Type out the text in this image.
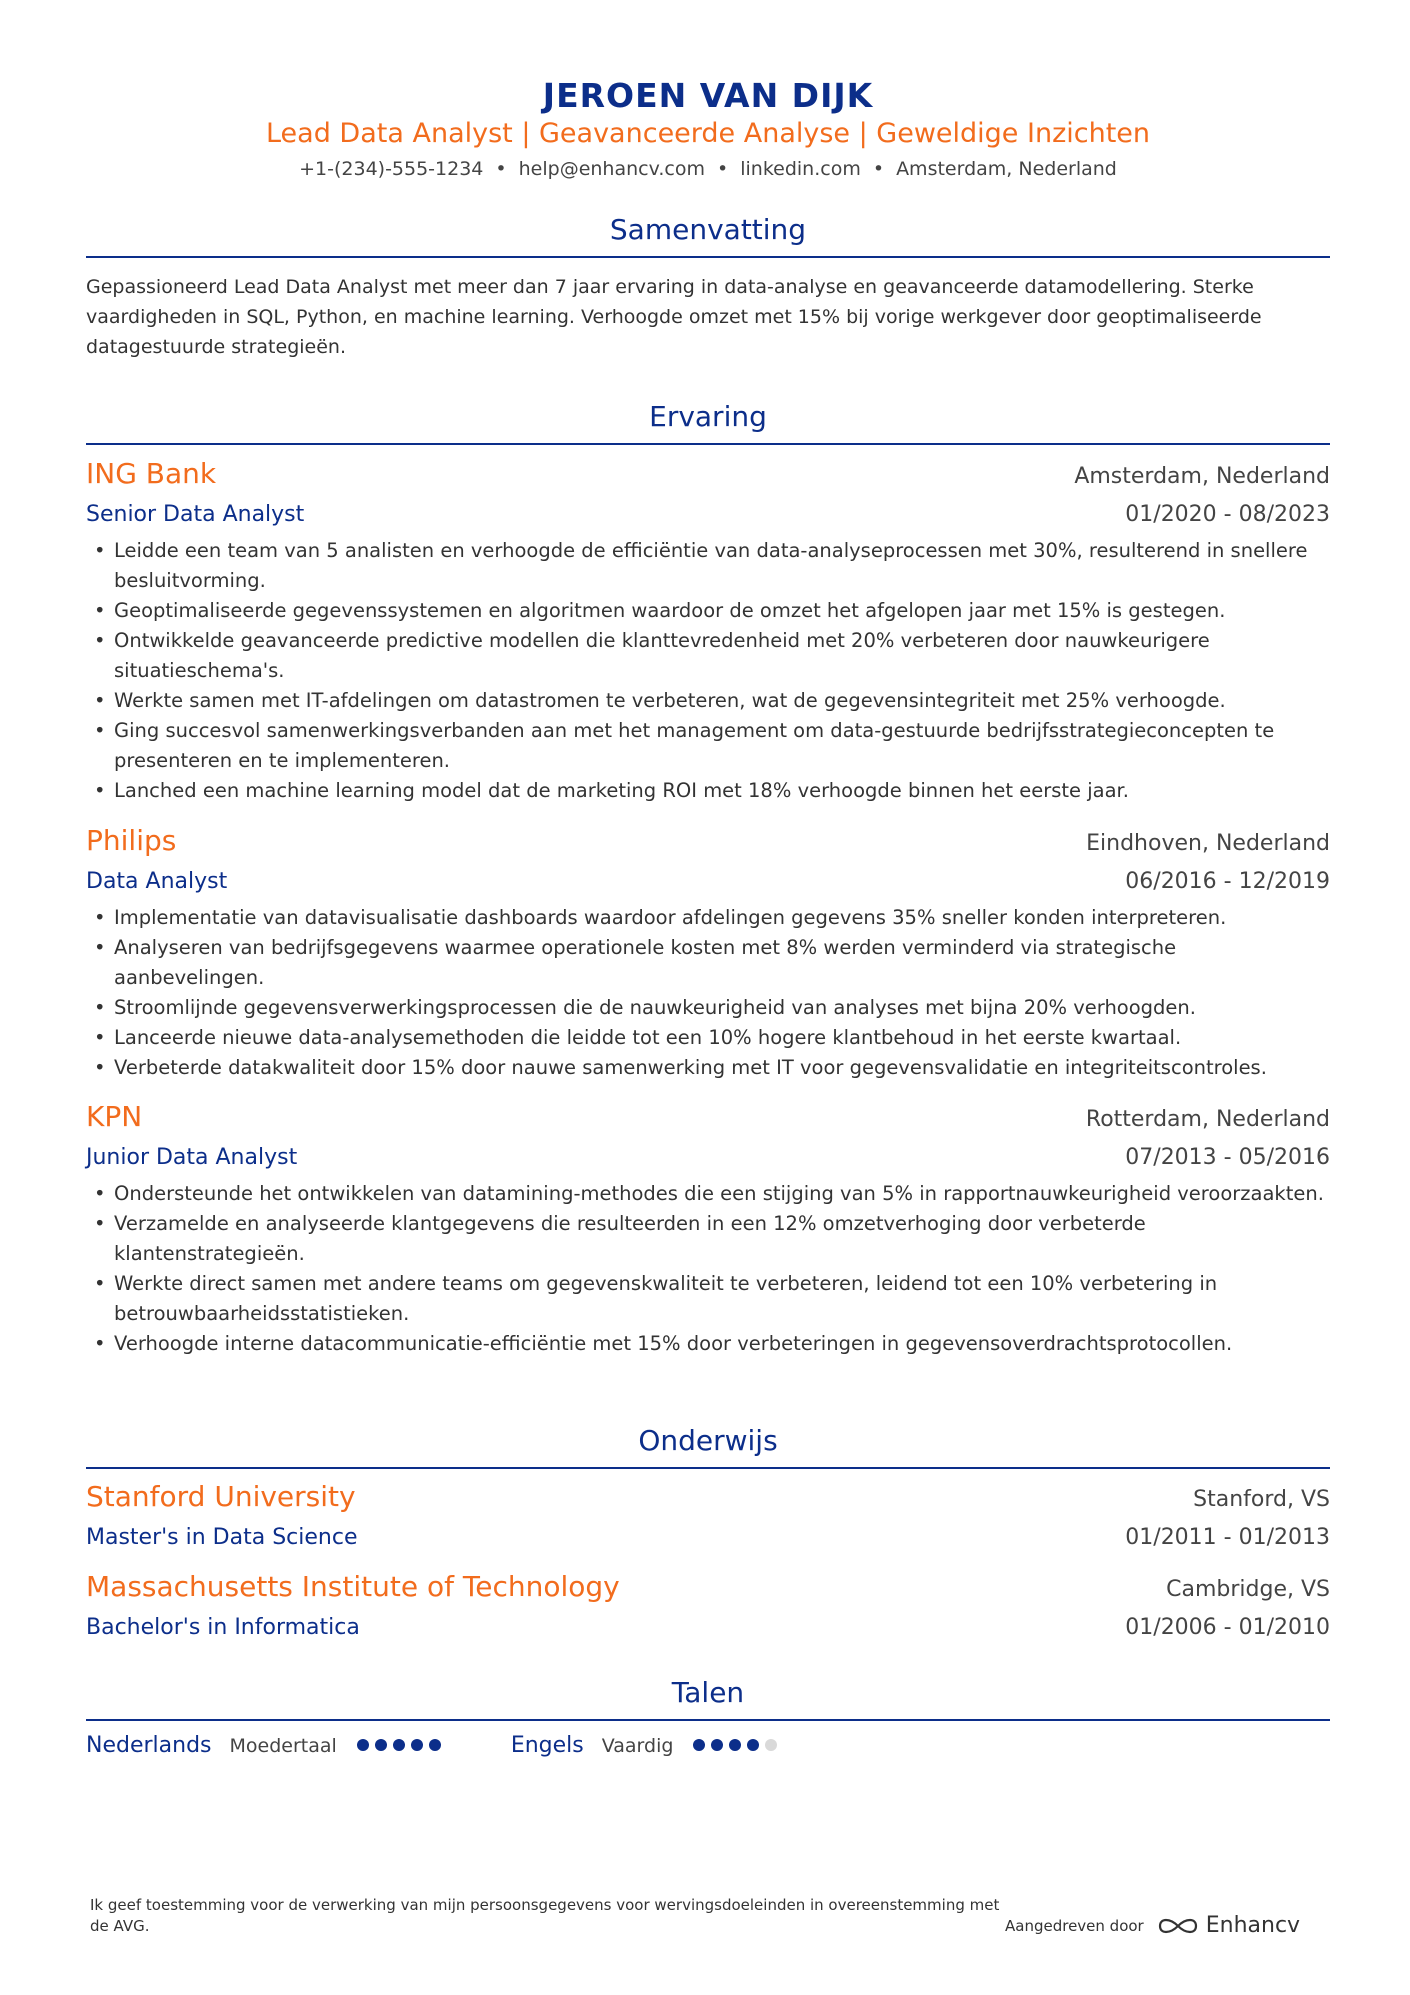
JEROEN VAN DIJK
Lead Data Analyst | Geavanceerde Analyse | Geweldige Inzichten
+1-(234)-555-1234 • help@enhancv.com • linkedin.com • Amsterdam, Nederland
Samenvatting
Gepassioneerd Lead Data Analyst met meer dan 7 jaar ervaring in data-analyse en geavanceerde datamodellering. Sterke vaardigheden in SQL, Python, en machine learning. Verhoogde omzet met 15% bij vorige werkgever door geoptimaliseerde datagestuurde strategieën.
Ervaring
ING Bank	Amsterdam, Nederland
Senior Data Analyst	01/2020 - 08/2023
• Leidde een team van 5 analisten en verhoogde de efficiëntie van data-analyseprocessen met 30%, resulterend in snellere besluitvorming.
• Geoptimaliseerde gegevenssystemen en algoritmen waardoor de omzet het afgelopen jaar met 15% is gestegen.
• Ontwikkelde geavanceerde predictive modellen die klanttevredenheid met 20% verbeteren door nauwkeurigere situatieschema's.
• Werkte samen met IT-afdelingen om datastromen te verbeteren, wat de gegevensintegriteit met 25% verhoogde.
• Ging succesvol samenwerkingsverbanden aan met het management om data-gestuurde bedrijfsstrategieconcepten te presenteren en te implementeren.
• Lanched een machine learning model dat de marketing ROI met 18% verhoogde binnen het eerste jaar.
Philips	Eindhoven, Nederland
Data Analyst	06/2016 - 12/2019
• Implementatie van datavisualisatie dashboards waardoor afdelingen gegevens 35% sneller konden interpreteren.
• Analyseren van bedrijfsgegevens waarmee operationele kosten met 8% werden verminderd via strategische aanbevelingen.
• Stroomlijnde gegevensverwerkingsprocessen die de nauwkeurigheid van analyses met bijna 20% verhoogden.
• Lanceerde nieuwe data-analysemethoden die leidde tot een 10% hogere klantbehoud in het eerste kwartaal.
• Verbeterde datakwaliteit door 15% door nauwe samenwerking met IT voor gegevensvalidatie en integriteitscontroles.
KPN	Rotterdam, Nederland
Junior Data Analyst	07/2013 - 05/2016
• Ondersteunde het ontwikkelen van datamining-methodes die een stijging van 5% in rapportnauwkeurigheid veroorzaakten.
• Verzamelde en analyseerde klantgegevens die resulteerden in een 12% omzetverhoging door verbeterde klantenstrategieën.
• Werkte direct samen met andere teams om gegevenskwaliteit te verbeteren, leidend tot een 10% verbetering in betrouwbaarheidsstatistieken.
• Verhoogde interne datacommunicatie-efficiëntie met 15% door verbeteringen in gegevensoverdrachtsprotocollen.
Onderwijs
Stanford University	Stanford, VS
Master's in Data Science	01/2011 - 01/2013
Massachusetts Institute of Technology	Cambridge, VS
Bachelor's in Informatica	01/2006 - 01/2010
Talen
Nederlands Moedertaal	Engels Vaardig
Ik geef toestemming voor de verwerking van mijn persoonsgegevens voor wervingsdoeleinden in overeenstemming met de AVG.	Aangedreven door	Enhancv
